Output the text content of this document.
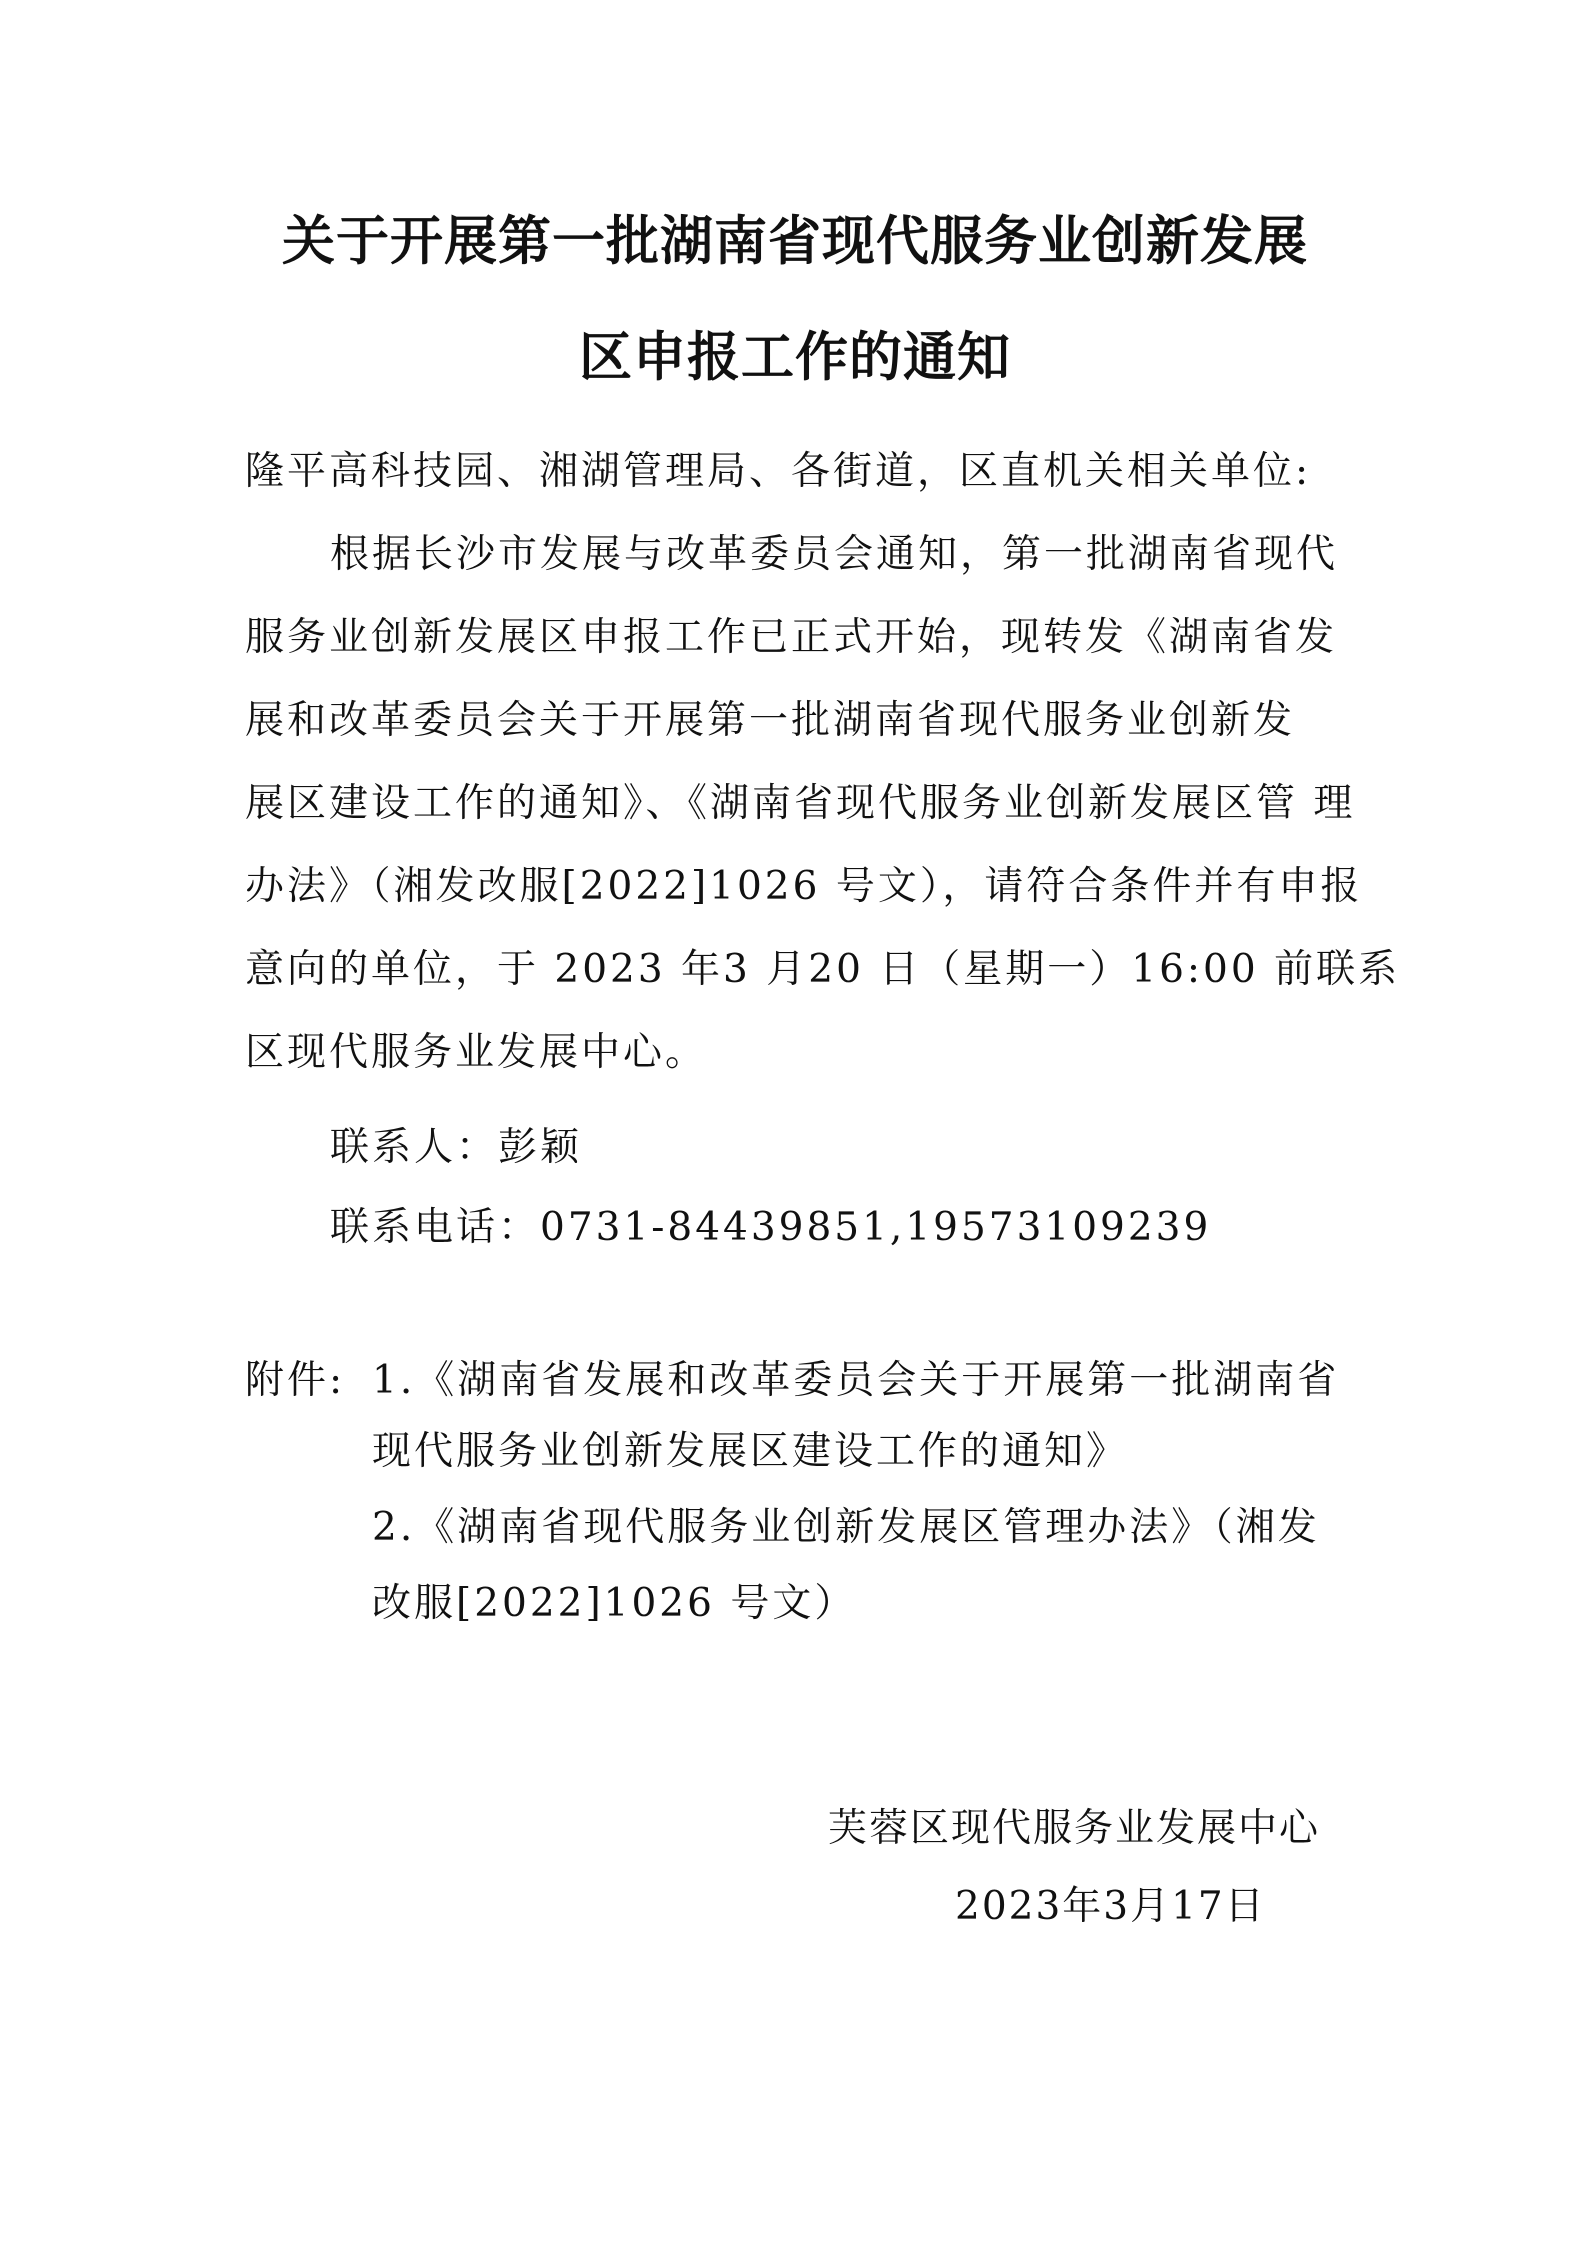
关于开展第一批湖南省现代服务业创新发展
区申报工作的通知
隆平高科技园、湘湖管理局、各街道，区直机关相关单位:
根据长沙市发展与改革委员会通知，第一批湖南省现代
服务业创新发展区申报工作已正式开始，现转发《湖南省发
展和改革委员会关于开展第一批湖南省现代服务业创新发
展区建设工作的通知》、《湖南省现代服务业创新发展区管 理
办法》（湘发改服[2022]1026 号文），请符合条件并有申报
意向的单位，于 2023 年3 月20 日（星期一）16:00 前联系
区现代服务业发展中心。
联系人：彭颖
联系电话：0731-84439851,19573109239
附件: 1.《湖南省发展和改革委员会关于开展第一批湖南省
现代服务业创新发展区建设工作的通知》
2.《湖南省现代服务业创新发展区管理办法》（湘发
改服[2022]1026 号文）
芙蓉区现代服务业发展中心
2023年3月17日
